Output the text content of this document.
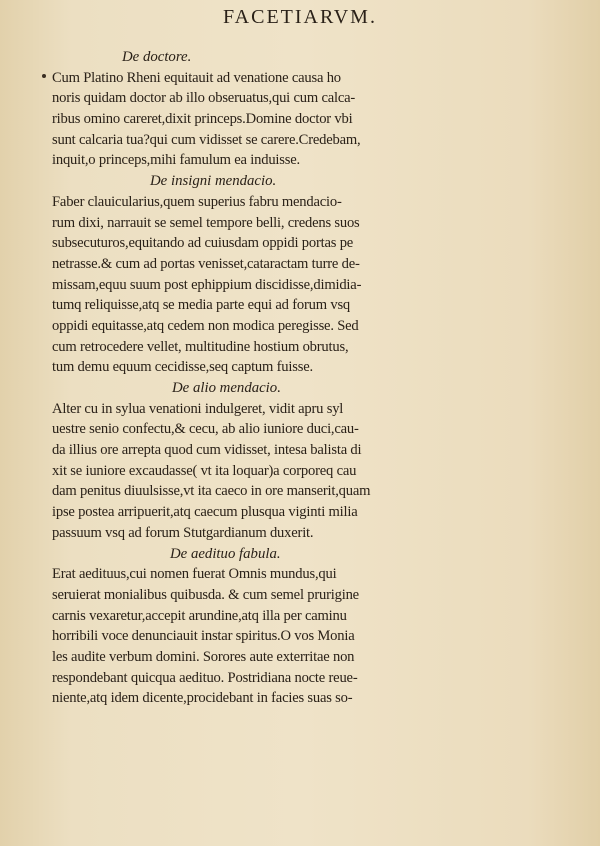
FACETIARVM.
De doctore.
Cum Platino Rheni equitauit ad venatione causa ho
noris quidam doctor ab illo obseruatus,qui cum calca-
ribus omino careret,dixit princeps.Domine doctor vbi
sunt calcaria tua?qui cum vidisset se carere.Credebam,
inquit,o princeps,mihi famulum ea induisse.
De insigni mendacio.
Faber clauicularius,quem superius fabru mendacio-
rum dixi, narrauit se semel tempore belli, credens suos
subsecuturos,equitando ad cuiusdam oppidi portas pe
netrasse.& cum ad portas venisset,cataractam turre de-
missam,equu suum post ephippium discidisse,dimidia-
tumq reliquisse,atq se media parte equi ad forum vsq
oppidi equitasse,atq cedem non modica peregisse. Sed
cum retrocedere vellet, multitudine hostium obrutus,
tum demu equum cecidisse,seq captum fuisse.
De alio mendacio.
Alter cu in sylua venationi indulgeret, vidit apru syl
uestre senio confectu,& cecu, ab alio iuniore duci,cau-
da illius ore arrepta quod cum vidisset, intesa balista di
xit se iuniore excaudasse( vt ita loquar)a corporeq cau
dam penitus diuulsisse,vt ita caeco in ore manserit,quam
ipse postea arripuerit,atq caecum plusqua viginti milia
passuum vsq ad forum Stutgardianum duxerit.
De aedituo fabula.
Erat aedituus,cui nomen fuerat Omnis mundus,qui
seruierat monialibus quibusda. & cum semel prurigine
carnis vexaretur,accepit arundine,atq illa per caminu
horribili voce denunciauit instar spiritus.O vos Monia
les audite verbum domini. Sorores aute exterritae non
respondebant quicqua aedituo. Postridiana nocte reue-
niente,atq idem dicente,procidebant in facies suas so-
